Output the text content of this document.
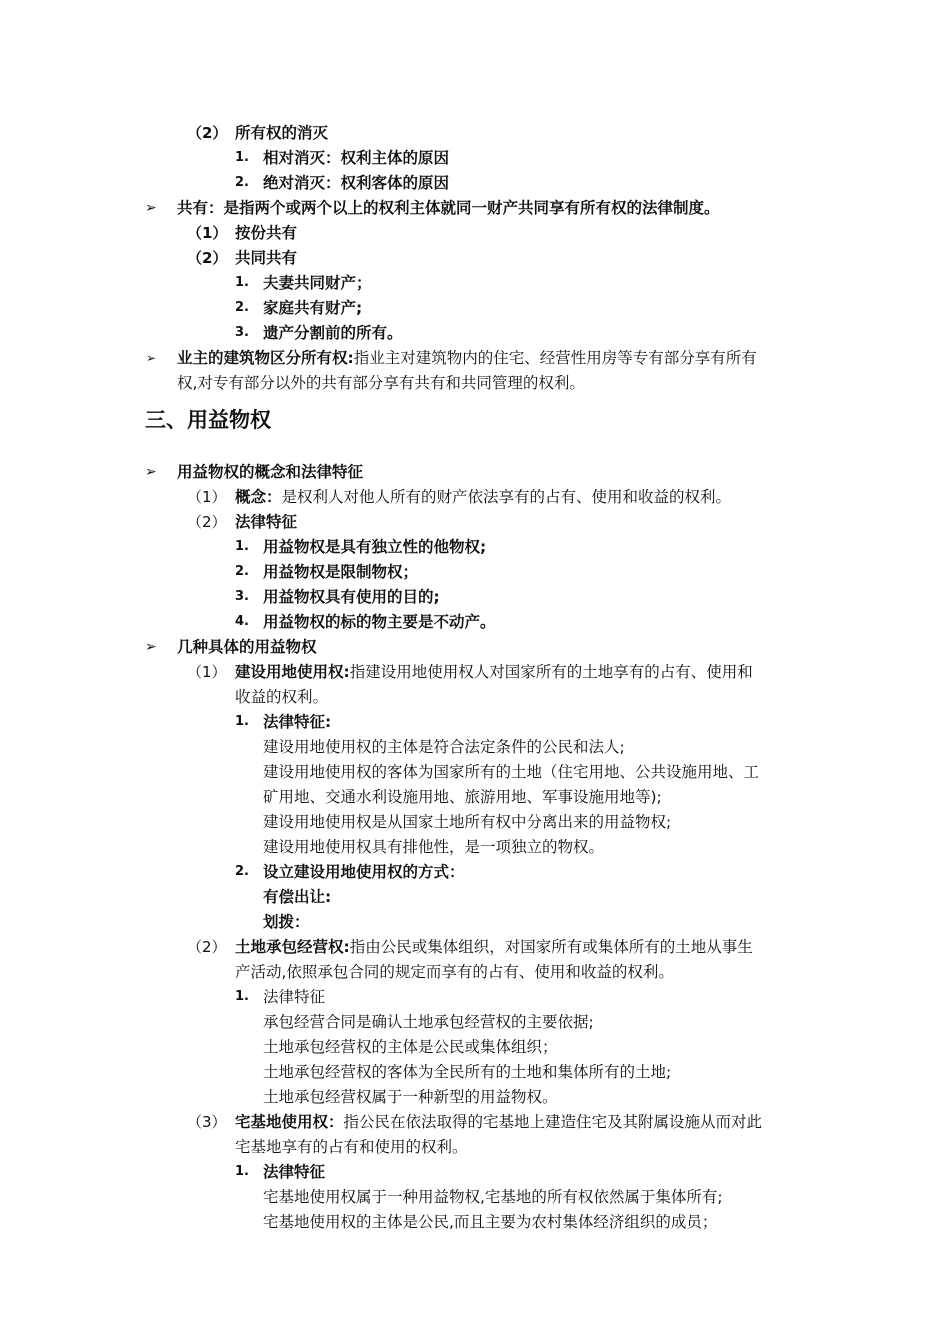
三、用益物权
（2） 所有权的消灭
1. 相对消灭：权利主体的原因
2. 绝对消灭：权利客体的原因
➢ 共有：是指两个或两个以上的权利主体就同一财产共同享有所有权的法律制度。
（1） 按份共有
（2） 共同共有
1. 夫妻共同财产；
2. 家庭共有财产;
3. 遗产分割前的所有。
➢ 业主的建筑物区分所有权:指业主对建筑物内的住宅、经营性用房等专有部分享有所有
权,对专有部分以外的共有部分享有共有和共同管理的权利。
➢ 用益物权的概念和法律特征
（1） 概念：是权利人对他人所有的财产依法享有的占有、使用和收益的权利。
（2） 法律特征
1. 用益物权是具有独立性的他物权;
2. 用益物权是限制物权；
3. 用益物权具有使用的目的;
4. 用益物权的标的物主要是不动产。
➢ 几种具体的用益物权
（1） 建设用地使用权:指建设用地使用权人对国家所有的土地享有的占有、使用和
收益的权利。
1. 法律特征:
建设用地使用权的主体是符合法定条件的公民和法人;
建设用地使用权的客体为国家所有的土地（住宅用地、公共设施用地、工
矿用地、交通水利设施用地、旅游用地、军事设施用地等);
建设用地使用权是从国家土地所有权中分离出来的用益物权;
建设用地使用权具有排他性，是一项独立的物权。
2. 设立建设用地使用权的方式：
有偿出让:
划拨：
（2） 土地承包经营权:指由公民或集体组织，对国家所有或集体所有的土地从事生
产活动,依照承包合同的规定而享有的占有、使用和收益的权利。
1. 法律特征
承包经营合同是确认土地承包经营权的主要依据;
土地承包经营权的主体是公民或集体组织；
土地承包经营权的客体为全民所有的土地和集体所有的土地;
土地承包经营权属于一种新型的用益物权。
（3） 宅基地使用权：指公民在依法取得的宅基地上建造住宅及其附属设施从而对此
宅基地享有的占有和使用的权利。
1. 法律特征
宅基地使用权属于一种用益物权,宅基地的所有权依然属于集体所有;
宅基地使用权的主体是公民,而且主要为农村集体经济组织的成员；
